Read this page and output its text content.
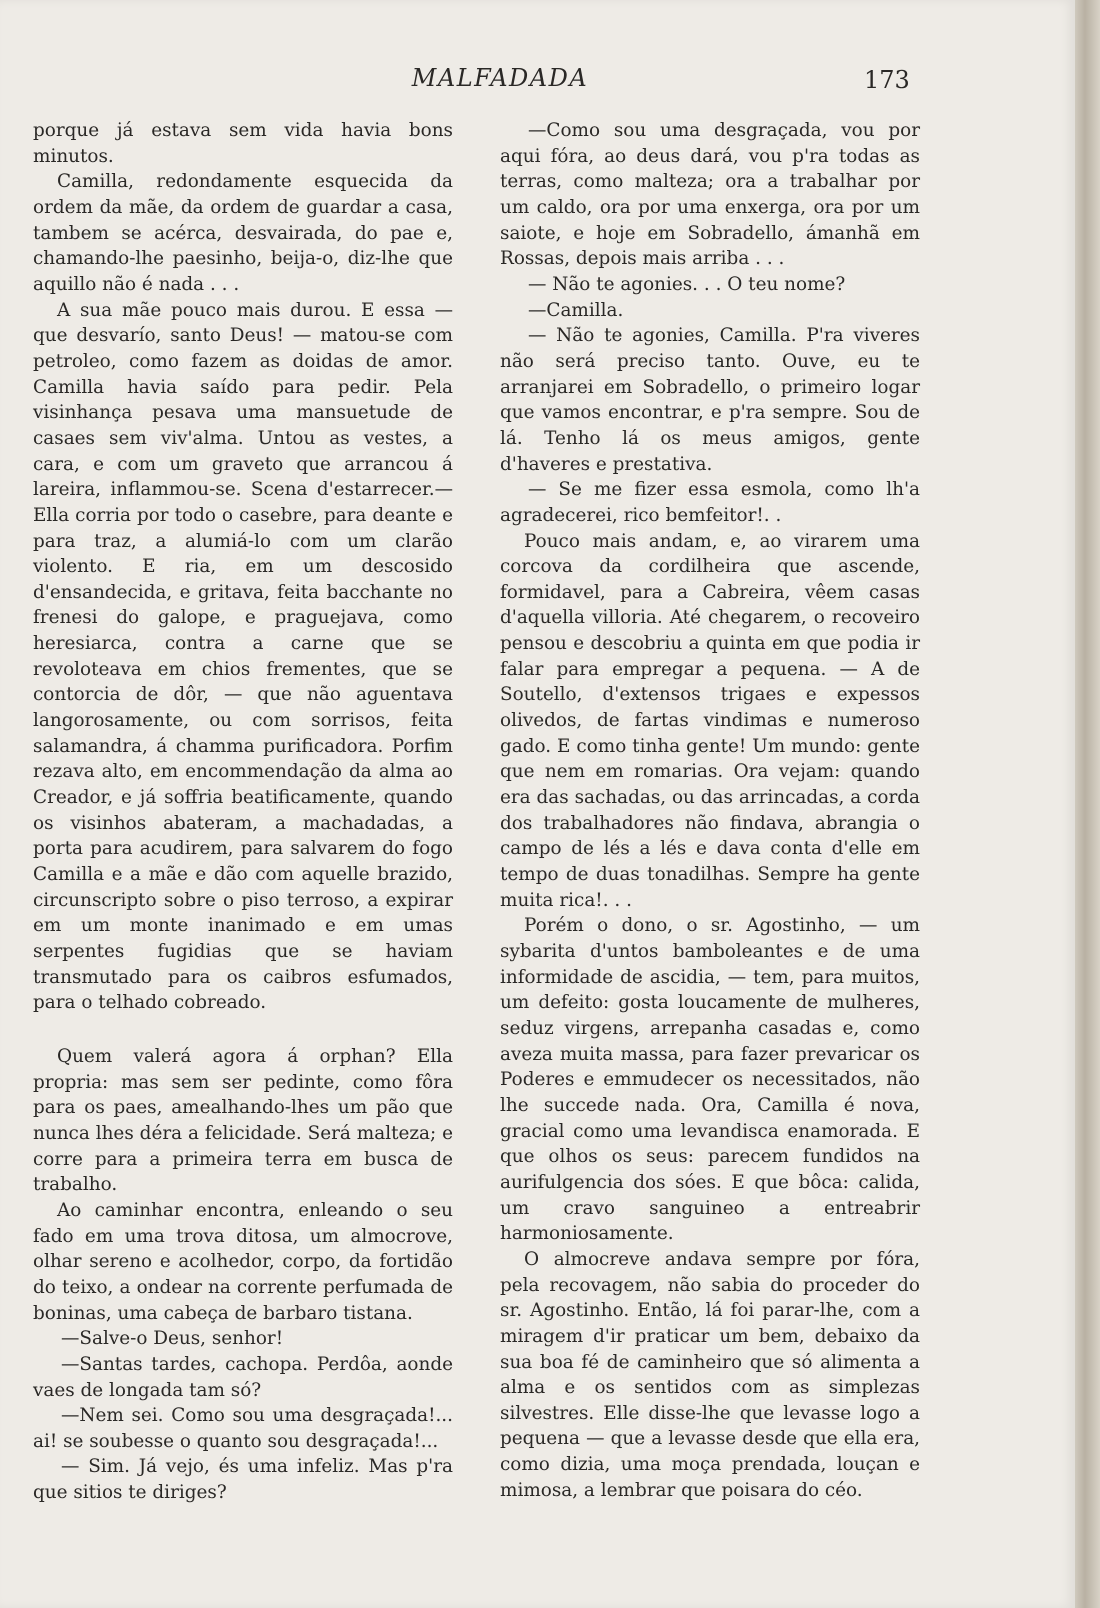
MALFADADA	173

porque já estava sem vida havia bons minutos.

Camilla, redondamente esquecida da ordem da mãe, da ordem de guardar a casa, tambem se acérca, desvairada, do pae e, chamando-lhe paesinho, beija-o, diz-lhe que aquillo não é nada . . .

A sua mãe pouco mais durou. E essa — que desvarío, santo Deus! — matou-se com petroleo, como fazem as doidas de amor. Camilla havia saído para pedir. Pela visinhança pesava uma mansuetude de casaes sem viv'alma. Untou as vestes, a cara, e com um graveto que arrancou á lareira, inflammou-se. Scena d'estarrecer.—Ella corria por todo o casebre, para deante e para traz, a alumiá-lo com um clarão violento. E ria, em um descosido d'ensandecida, e gritava, feita bacchante no frenesi do galope, e praguejava, como heresiarca, contra a carne que se revoloteava em chios frementes, que se contorcia de dôr, — que não aguentava langorosamente, ou com sorrisos, feita salamandra, á chamma purificadora. Porfim rezava alto, em encommendação da alma ao Creador, e já soffria beatificamente, quando os visinhos abateram, a machadadas, a porta para acudirem, para salvarem do fogo Camilla e a mãe e dão com aquelle brazido, circunscripto sobre o piso terroso, a expirar em um monte inanimado e em umas serpentes fugidias que se haviam transmutado para os caibros esfumados, para o telhado cobreado.

Quem valerá agora á orphan? Ella propria: mas sem ser pedinte, como fôra para os paes, amealhando-lhes um pão que nunca lhes déra a felicidade. Será malteza; e corre para a primeira terra em busca de trabalho.

Ao caminhar encontra, enleando o seu fado em uma trova ditosa, um almocrove, olhar sereno e acolhedor, corpo, da fortidão do teixo, a ondear na corrente perfumada de boninas, uma cabeça de barbaro tistana.

—Salve-o Deus, senhor!

—Santas tardes, cachopa. Perdôa, aonde vaes de longada tam só?

—Nem sei. Como sou uma desgraçada!... ai! se soubesse o quanto sou desgraçada!...

— Sim. Já vejo, és uma infeliz. Mas p'ra que sitios te diriges?

—Como sou uma desgraçada, vou por aqui fóra, ao deus dará, vou p'ra todas as terras, como malteza; ora a trabalhar por um caldo, ora por uma enxerga, ora por um saiote, e hoje em Sobradello, ámanhã em Rossas, depois mais arriba . . .

— Não te agonies. . . O teu nome?

—Camilla.

— Não te agonies, Camilla. P'ra viveres não será preciso tanto. Ouve, eu te arranjarei em Sobradello, o primeiro logar que vamos encontrar, e p'ra sempre. Sou de lá. Tenho lá os meus amigos, gente d'haveres e prestativa.

— Se me fizer essa esmola, como lh'a agradecerei, rico bemfeitor!. .

Pouco mais andam, e, ao virarem uma corcova da cordilheira que ascende, formidavel, para a Cabreira, vêem casas d'aquella villoria. Até chegarem, o recoveiro pensou e descobriu a quinta em que podia ir falar para empregar a pequena. — A de Soutello, d'extensos trigaes e expessos olivedos, de fartas vindimas e numeroso gado. E como tinha gente! Um mundo: gente que nem em romarias. Ora vejam: quando era das sachadas, ou das arrincadas, a corda dos trabalhadores não findava, abrangia o campo de lés a lés e dava conta d'elle em tempo de duas tonadilhas. Sempre ha gente muita rica!. . .

Porém o dono, o sr. Agostinho, — um sybarita d'untos bamboleantes e de uma informidade de ascidia, — tem, para muitos, um defeito: gosta loucamente de mulheres, seduz virgens, arrepanha casadas e, como aveza muita massa, para fazer prevaricar os Poderes e emmudecer os necessitados, não lhe succede nada. Ora, Camilla é nova, gracial como uma levandisca enamorada. E que olhos os seus: parecem fundidos na aurifulgencia dos sóes. E que bôca: calida, um cravo sanguineo a entreabrir harmoniosamente.

O almocreve andava sempre por fóra, pela recovagem, não sabia do proceder do sr. Agostinho. Então, lá foi parar-lhe, com a miragem d'ir praticar um bem, debaixo da sua boa fé de caminheiro que só alimenta a alma e os sentidos com as simplezas silvestres. Elle disse-lhe que levasse logo a pequena — que a levasse desde que ella era, como dizia, uma moça prendada, louçan e mimosa, a lembrar que poisara do céo.
